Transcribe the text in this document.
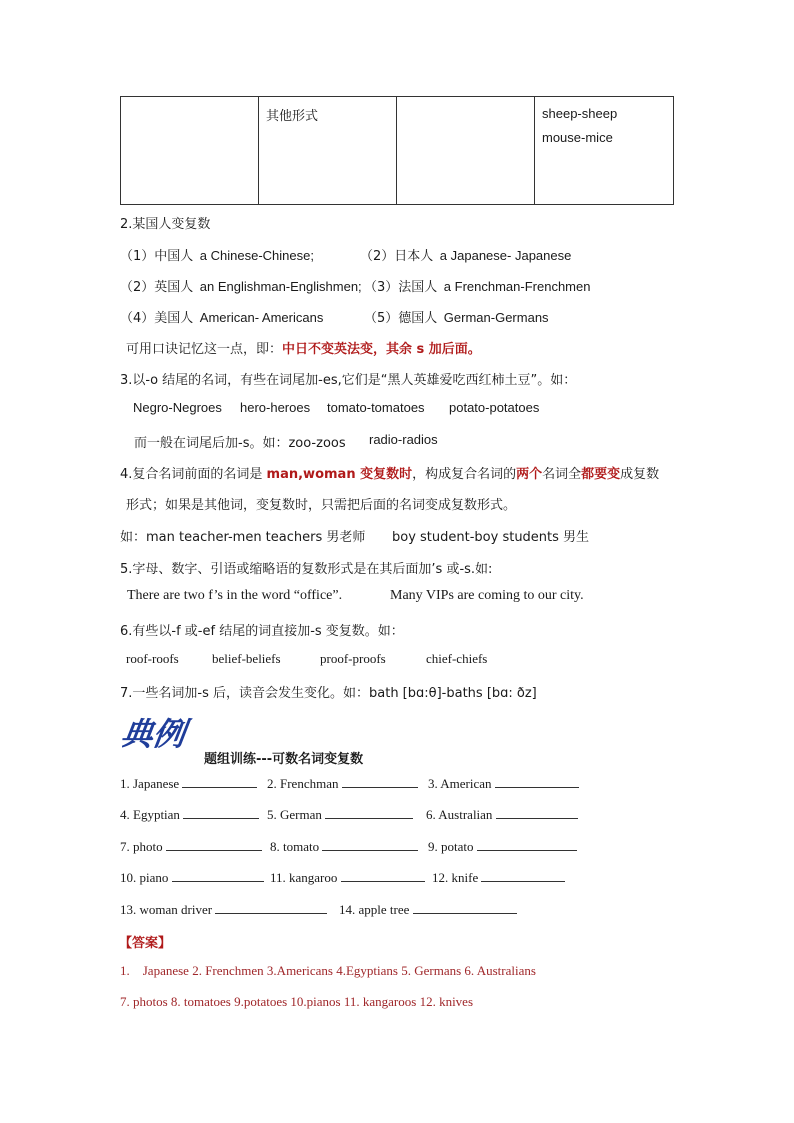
	其他形式		sheep-sheep
mouse-mice
2.某国人变复数
（1）中国人 a Chinese-Chinese;	（2）日本人 a Japanese- Japanese
（2）英国人 an Englishman-Englishmen; （3）法国人 a Frenchman-Frenchmen
（4）美国人 American- Americans	（5）德国人 German-Germans
可用口诀记忆这一点，即：中日不变英法变，其余 s 加后面。
3.以-o 结尾的名词，有些在词尾加-es,它们是“黑人英雄爱吃西红柿土豆”。如：
Negro-Negroes hero-heroes tomato-tomatoes potato-potatoes
而一般在词尾后加-s。如：zoo-zoos radio-radios
4.复合名词前面的名词是 man,woman 变复数时，构成复合名词的两个名词全都要变成复数
形式；如果是其他词，变复数时，只需把后面的名词变成复数形式。
如：man teacher-men teachers 男老师 boy student-boy students 男生
5.字母、数字、引语或缩略语的复数形式是在其后面加’s 或-s.如:
There are two f’s in the word “office”.	Many VIPs are coming to our city.
6.有些以-f 或-ef 结尾的词直接加-s 变复数。如：
roof-roofs	belief-beliefs	proof-proofs	chief-chiefs
7.一些名词加-s 后，读音会发生变化。如：bath [bɑ:θ]-baths [bɑ: ðz]
典例
题组训练---可数名词变复数
1. Japanese	2. Frenchman	3. American
4. Egyptian	5. German	6. Australian
7. photo	8. tomato	9. potato
10. piano	11. kangaroo	12. knife
13. woman driver	14. apple tree
【答案】
1.    Japanese 2. Frenchmen 3.Americans 4.Egyptians 5. Germans 6. Australians
7. photos 8. tomatoes 9.potatoes 10.pianos 11. kangaroos 12. knives
